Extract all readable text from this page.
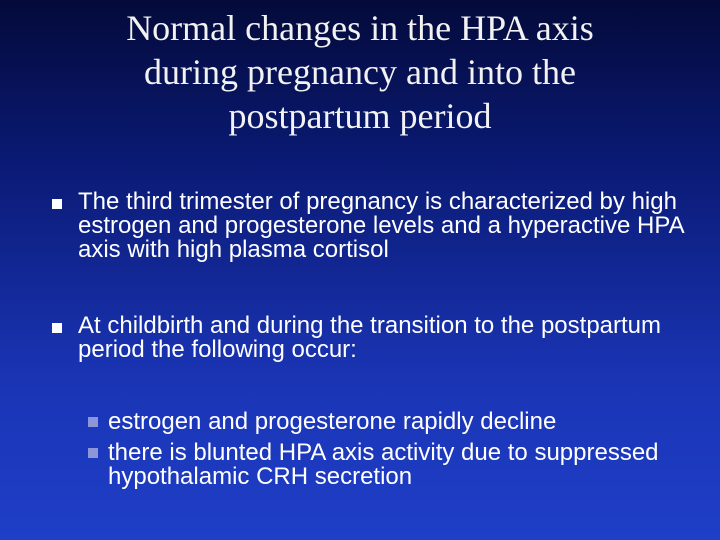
Normal changes in the HPA axis
during pregnancy and into the
postpartum period
The third trimester of pregnancy is characterized by high estrogen and progesterone levels and a hyperactive HPA axis with high plasma cortisol
At childbirth and during the transition to the postpartum period the following occur:
estrogen and progesterone rapidly decline
there is blunted HPA axis activity due to suppressed hypothalamic CRH secretion
